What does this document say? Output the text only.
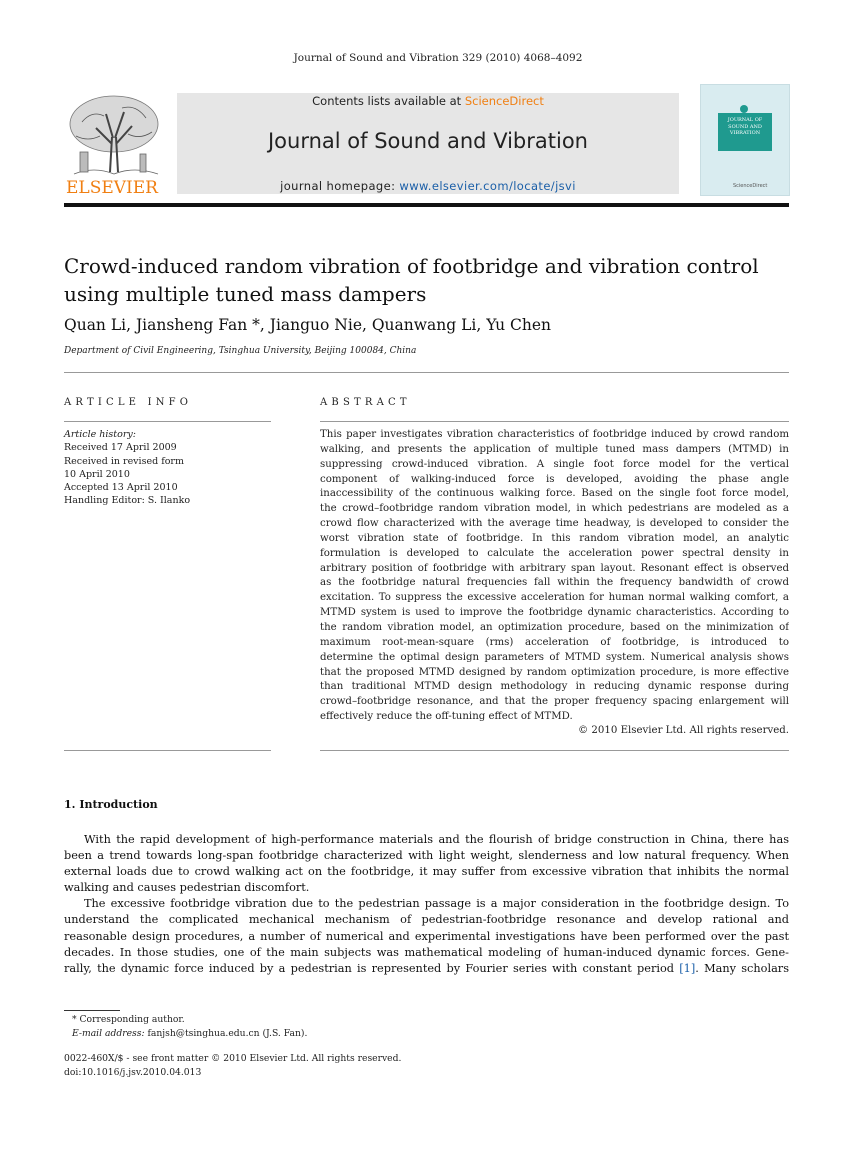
Journal of Sound and Vibration 329 (2010) 4068–4092
ELSEVIER
Contents lists available at ScienceDirect
Journal of Sound and Vibration
journal homepage: www.elsevier.com/locate/jsvi
JOURNAL OF SOUND AND VIBRATION
ScienceDirect
Crowd-induced random vibration of footbridge and vibration control
using multiple tuned mass dampers
Quan Li, Jiansheng Fan *, Jianguo Nie, Quanwang Li, Yu Chen
Department of Civil Engineering, Tsinghua University, Beijing 100084, China
ARTICLE INFO
Article history:
Received 17 April 2009
Received in revised form
10 April 2010
Accepted 13 April 2010
Handling Editor: S. Ilanko
ABSTRACT
This paper investigates vibration characteristics of footbridge induced by crowd random
walking, and presents the application of multiple tuned mass dampers (MTMD) in
suppressing crowd-induced vibration. A single foot force model for the vertical
component of walking-induced force is developed, avoiding the phase angle
inaccessibility of the continuous walking force. Based on the single foot force model,
the crowd–footbridge random vibration model, in which pedestrians are modeled as a
crowd flow characterized with the average time headway, is developed to consider the
worst vibration state of footbridge. In this random vibration model, an analytic
formulation is developed to calculate the acceleration power spectral density in
arbitrary position of footbridge with arbitrary span layout. Resonant effect is observed
as the footbridge natural frequencies fall within the frequency bandwidth of crowd
excitation. To suppress the excessive acceleration for human normal walking comfort, a
MTMD system is used to improve the footbridge dynamic characteristics. According to
the random vibration model, an optimization procedure, based on the minimization of
maximum root-mean-square (rms) acceleration of footbridge, is introduced to
determine the optimal design parameters of MTMD system. Numerical analysis shows
that the proposed MTMD designed by random optimization procedure, is more effective
than traditional MTMD design methodology in reducing dynamic response during
crowd–footbridge resonance, and that the proper frequency spacing enlargement will
effectively reduce the off-tuning effect of MTMD.
© 2010 Elsevier Ltd. All rights reserved.
1. Introduction
With the rapid development of high-performance materials and the flourish of bridge construction in China, there has
been a trend towards long-span footbridge characterized with light weight, slenderness and low natural frequency. When
external loads due to crowd walking act on the footbridge, it may suffer from excessive vibration that inhibits the normal
walking and causes pedestrian discomfort.
The excessive footbridge vibration due to the pedestrian passage is a major consideration in the footbridge design. To
understand the complicated mechanical mechanism of pedestrian-footbridge resonance and develop rational and
reasonable design procedures, a number of numerical and experimental investigations have been performed over the past
decades. In those studies, one of the main subjects was mathematical modeling of human-induced dynamic forces. Gene-
rally, the dynamic force induced by a pedestrian is represented by Fourier series with constant period [1]. Many scholars
* Corresponding author.
E-mail address: fanjsh@tsinghua.edu.cn (J.S. Fan).
0022-460X/$ - see front matter © 2010 Elsevier Ltd. All rights reserved.
doi:10.1016/j.jsv.2010.04.013
